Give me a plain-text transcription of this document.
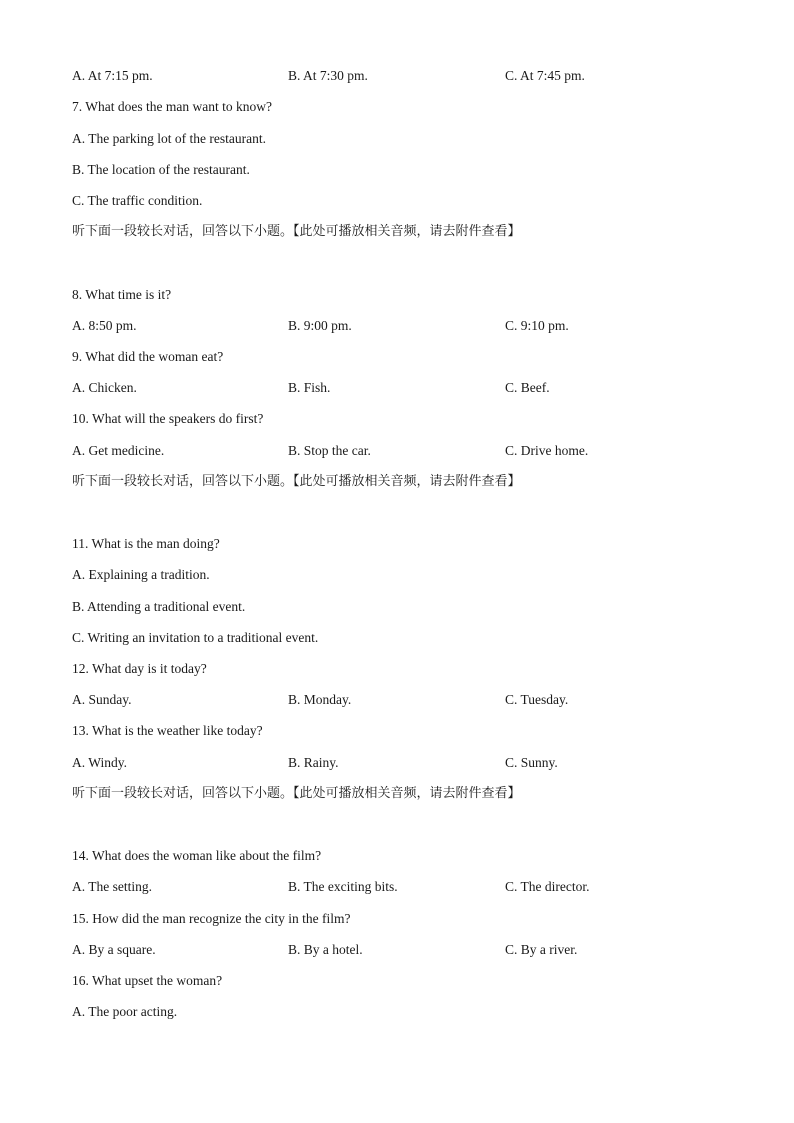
A. At 7:15 pm.	B. At 7:30 pm.	C. At 7:45 pm.
7. What does the man want to know?
A. The parking lot of the restaurant.
B. The location of the restaurant.
C. The traffic condition.
听下面一段较长对话，回答以下小题。【此处可播放相关音频，请去附件查看】
8. What time is it?
A. 8:50 pm.	B. 9:00 pm.	C. 9:10 pm.
9. What did the woman eat?
A. Chicken.	B. Fish.	C. Beef.
10. What will the speakers do first?
A. Get medicine.	B. Stop the car.	C. Drive home.
听下面一段较长对话，回答以下小题。【此处可播放相关音频，请去附件查看】
11. What is the man doing?
A. Explaining a tradition.
B. Attending a traditional event.
C. Writing an invitation to a traditional event.
12. What day is it today?
A. Sunday.	B. Monday.	C. Tuesday.
13. What is the weather like today?
A. Windy.	B. Rainy.	C. Sunny.
听下面一段较长对话，回答以下小题。【此处可播放相关音频，请去附件查看】
14. What does the woman like about the film?
A. The setting.	B. The exciting bits.	C. The director.
15. How did the man recognize the city in the film?
A. By a square.	B. By a hotel.	C. By a river.
16. What upset the woman?
A. The poor acting.
